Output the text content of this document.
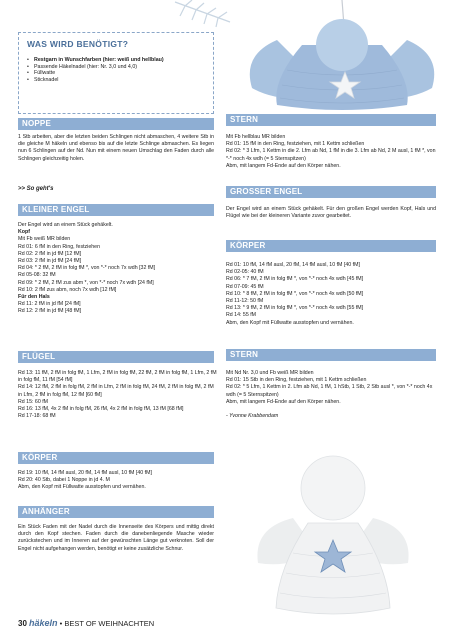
WAS WIRD BENÖTIGT?
• Restgarn in Wunschfarben (hier: weiß und hellblau)
• Passende Häkelnadel (hier: Nr. 3,0 und 4,0)
• Füllwatte
• Sticknadel
NOPPE
1 Stb arbeiten, aber die letzten beiden Schlingen nicht abmaschen, 4 weitere Stb in die gleiche M häkeln und ebenso bis auf die letzte Schlinge abmaschen. Es liegen nun 6 Schlingen auf der Nd. Nun mit einem neuen Umschlag den Faden durch alle Schlingen gleichzeitig holen.
>> So geht's
KLEINER ENGEL

Der Engel wird an einem Stück gehäkelt.

Kopf

Mit Fb weiß MR bilden

Rd 01: 6 fM in den Ring, festziehen

Rd 02: 2 fM in jd fM [12 fM]

Rd 03: 2 fM in jd fM [24 fM]

Rd 04: * 2 fM, 2 fM in folg fM *, von *-* noch 7x wdh [32 fM]

Rd 05-08: 32 fM

Rd 09: * 2 fM, 2 fM zus abm *, von *-* noch 7x wdh [24 fM]

Rd 10: 2 fM zus abm, noch 7x wdh [12 fM]

Für den Hals

Rd 11: 2 fM in jd fM [24 fM]

Rd 12: 2 fM in jd fM [48 fM]

FLÜGEL

Rd 13: 11 fM, 2 fM in folg fM, 1 Lfm, 2 fM in folg fM, 22 fM, 2 fM in folg fM, 1 Lfm, 2 fM in folg fM, 11 fM [54 fM]

Rd 14: 12 fM, 2 fM in folg fM, 2 fM in Lfm, 2 fM in folg fM, 24 fM, 2 fM in folg fM, 2 fM in Lfm, 2 fM in folg fM, 12 fM [60 fM]

Rd 15: 60 fM

Rd 16: 13 fM, 4x 2 fM in folg fM, 26 fM, 4x 2 fM in folg fM, 13 fM [68 fM]

Rd 17-18: 68 fM

KÖRPER

Rd 19: 10 fM, 14 fM ausl, 20 fM, 14 fM ausl, 10 fM [40 fM]

Rd 20: 40 Stb, dabei 1 Noppe in jd 4. M

Abm, den Kopf mit Füllwatte ausstopfen und vernähen.

ANHÄNGER
Ein Stück Faden mit der Nadel durch die Innenseite des Körpers und mittig direkt durch den Kopf stechen. Faden durch die danebenliegende Masche wieder zurückstechen und im Inneren auf der gewünschten Länge gut verknoten. Soll der Engel nicht aufgehangen werden, benötigt er keine zusätzliche Schnur.
STERN

Mit Fb hellblau MR bilden

Rd 01: 15 fM in den Ring, festziehen, mit 1 Kettm schließen

Rd 02: * 3 Lfm, 1 Kettm in die 2. Lfm ab Nd, 1 fM in die 3. Lfm ab Nd, 2 M ausl, 1 fM *, von *-* noch 4x wdh (= 5 Sternspitzen)

Abm, mit langem Fd-Ende auf den Körper nähen.

GROSSER ENGEL
Der Engel wird an einem Stück gehäkelt. Für den großen Engel werden Kopf, Hals und Flügel wie bei der kleineren Variante zuvor gearbeitet.
KÖRPER

Rd 01: 10 fM, 14 fM ausl, 20 fM, 14 fM ausl, 10 fM [40 fM]

Rd 02-05: 40 fM

Rd 06: * 7 fM, 2 fM in folg fM *, von *-* noch 4x wdh [45 fM]

Rd 07-09: 45 fM

Rd 10: * 8 fM, 2 fM in folg fM *, von *-* noch 4x wdh [50 fM]

Rd 11-12: 50 fM

Rd 13: * 9 fM, 2 fM in folg fM *, von *-* noch 4x wdh [55 fM]

Rd 14: 55 fM

Abm, den Kopf mit Füllwatte ausstopfen und vernähen.

STERN

Mit Nd Nr. 3,0 und Fb weiß MR bilden

Rd 01: 15 Stb in den Ring, festziehen, mit 1 Kettm schließen

Rd 02: * 5 Lfm, 1 Kettm in 2. Lfm ab Nd, 1 fM, 1 hStb, 1 Stb, 2 Stb ausl *, von *-* noch 4x wdh (= 5 Sternspitzen)

Abm, mit langem Fd-Ende auf den Körper nähen.

- Yvonne Krabbendam

30 häkeln • BEST OF WEIHNACHTEN
